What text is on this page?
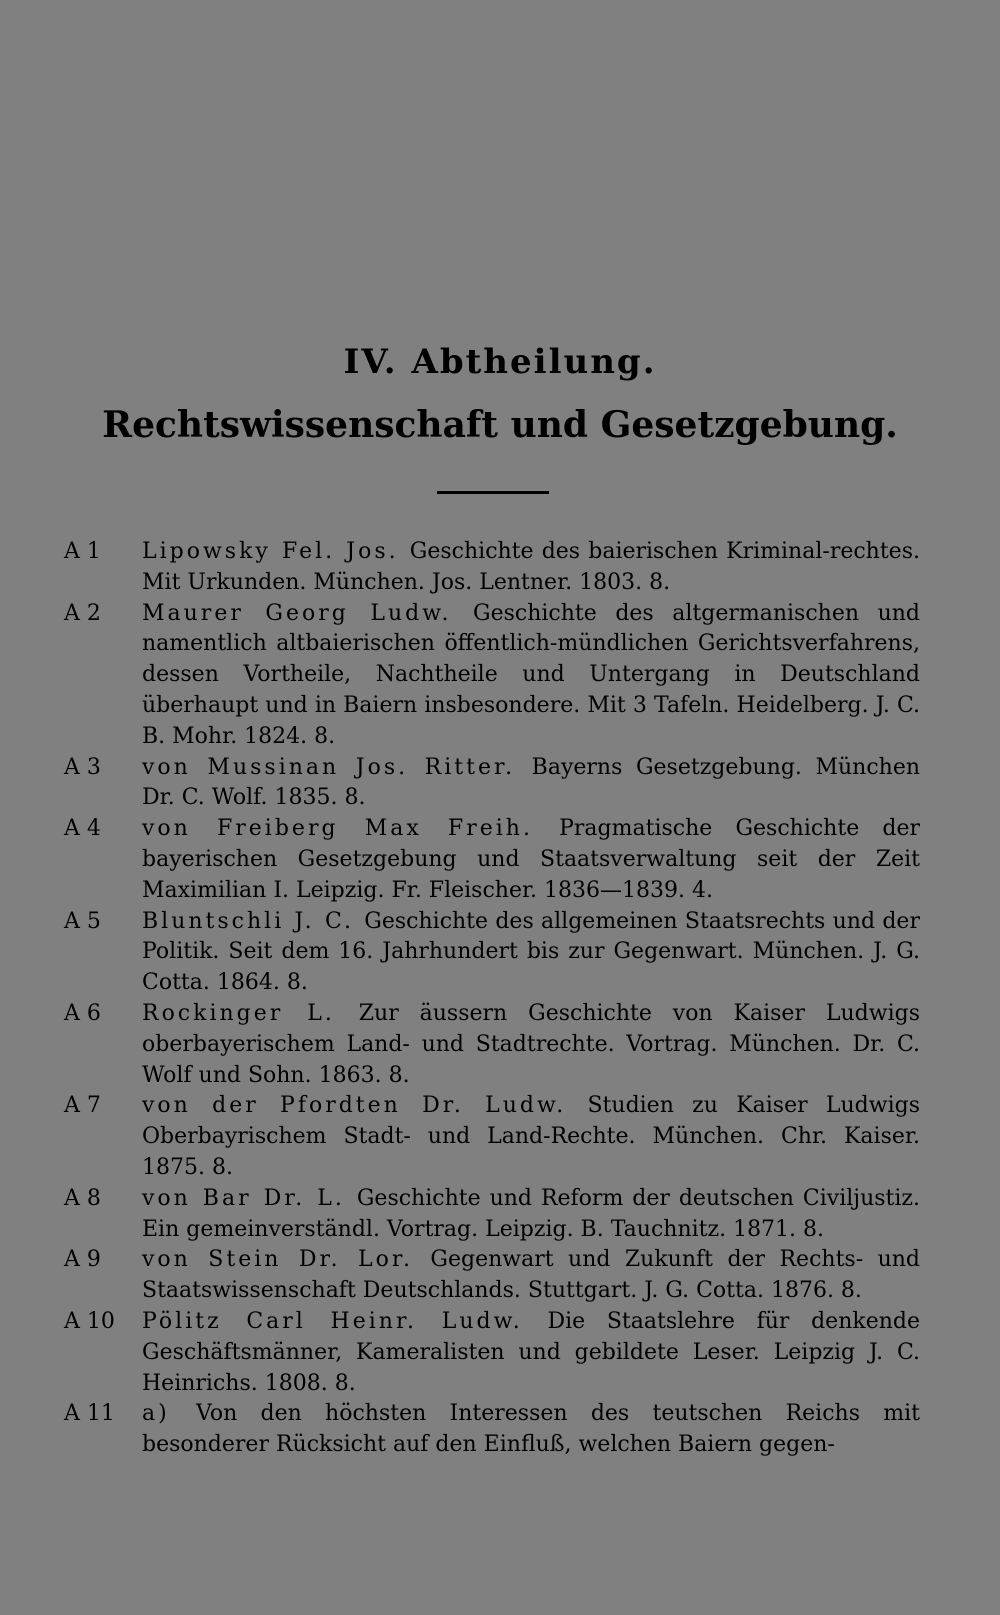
IV. Abtheilung.
Rechtswissenschaft und Gesetzgebung.
A 1	Lipowsky Fel. Jos. Geschichte des baierischen Kriminal-rechtes. Mit Urkunden. München. Jos. Lentner. 1803. 8.
A 2	Maurer Georg Ludw. Geschichte des altgermanischen und namentlich altbaierischen öffentlich-mündlichen Gerichtsverfahrens, dessen Vortheile, Nachtheile und Untergang in Deutschland überhaupt und in Baiern insbesondere. Mit 3 Tafeln. Heidelberg. J. C. B. Mohr. 1824. 8.
A 3	von Mussinan Jos. Ritter. Bayerns Gesetzgebung. München Dr. C. Wolf. 1835. 8.
A 4	von Freiberg Max Freih. Pragmatische Geschichte der bayerischen Gesetzgebung und Staatsverwaltung seit der Zeit Maximilian I. Leipzig. Fr. Fleischer. 1836—1839. 4.
A 5	Bluntschli J. C. Geschichte des allgemeinen Staatsrechts und der Politik. Seit dem 16. Jahrhundert bis zur Gegenwart. München. J. G. Cotta. 1864. 8.
A 6	Rockinger L. Zur äussern Geschichte von Kaiser Ludwigs oberbayerischem Land- und Stadtrechte. Vortrag. München. Dr. C. Wolf und Sohn. 1863. 8.
A 7	von der Pfordten Dr. Ludw. Studien zu Kaiser Ludwigs Oberbayrischem Stadt- und Land-Rechte. München. Chr. Kaiser. 1875. 8.
A 8	von Bar Dr. L. Geschichte und Reform der deutschen Civiljustiz. Ein gemeinverständl. Vortrag. Leipzig. B. Tauchnitz. 1871. 8.
A 9	von Stein Dr. Lor. Gegenwart und Zukunft der Rechts- und Staatswissenschaft Deutschlands. Stuttgart. J. G. Cotta. 1876. 8.
A 10	Pölitz Carl Heinr. Ludw. Die Staatslehre für denkende Geschäftsmänner, Kameralisten und gebildete Leser. Leipzig J. C. Heinrichs. 1808. 8.
A 11	a) Von den höchsten Interessen des teutschen Reichs mit besonderer Rücksicht auf den Einfluß, welchen Baiern gegen-
